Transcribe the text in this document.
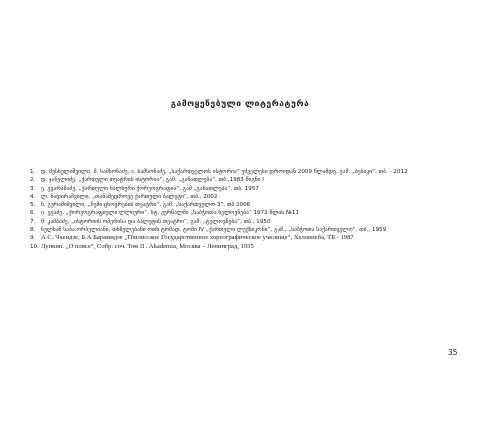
გამოყენებული ლიტერატურა
1. დ. მუსხელიშვილი, მ. სამსონაძე, ა. სამსონაძე, „საქართველოს ისტორია“ უძველესი დროიდან 2009 წლამდე. გამ. „ბესიკი“, თბ. - 2012
2. დ. ჯანელიძე, „ქართული თეატრის ისტორია“, გამ. „განათლება“, თბ.,1983 წიგნი I
3. ე. გვარამაძე, „ქართული ხალხური ქორეოგრაფია“, გამ „განათლება“, თბ. 1957
4. ლ. ნადირაშვილი, „თანამედროვე ქართული ბალეტი“, თბ., 2002
5. ნ. გურამიშვილი, „ჩემი ცხოვრების თეატრი“, გამ. „საქართველო-3“, თბ.2006
6. ი. ეგაძე, „ქორეოგრაფიული ლლიური“, სტ. ჟურნალში „საბჭოთა ხელოვნება“ 1972 წლის №11
7. მ. კამბაძე, „ისტორიის ოპერისა და ბალეტის თეატრი“, გამ. „ტელოვნება“, თბ., 1950
8. სულხან საბა ორბელიანი, თხზულებანი ოთხ ტომად, ტომი IV „ქართული ლექსიკონი“, გამ., „საბჭოთა საქართველო“, თბ., 1959
9. А.С. Чхеидзе, Б.А Барамидзе „Тбилисское Государственное хореографическое училище“, Хеловнеба, ТБ - 1987
10. Лункин. „О плясе“, Собр. соч. Том II . Akademia, Москва – Ленинград, 1935
35
